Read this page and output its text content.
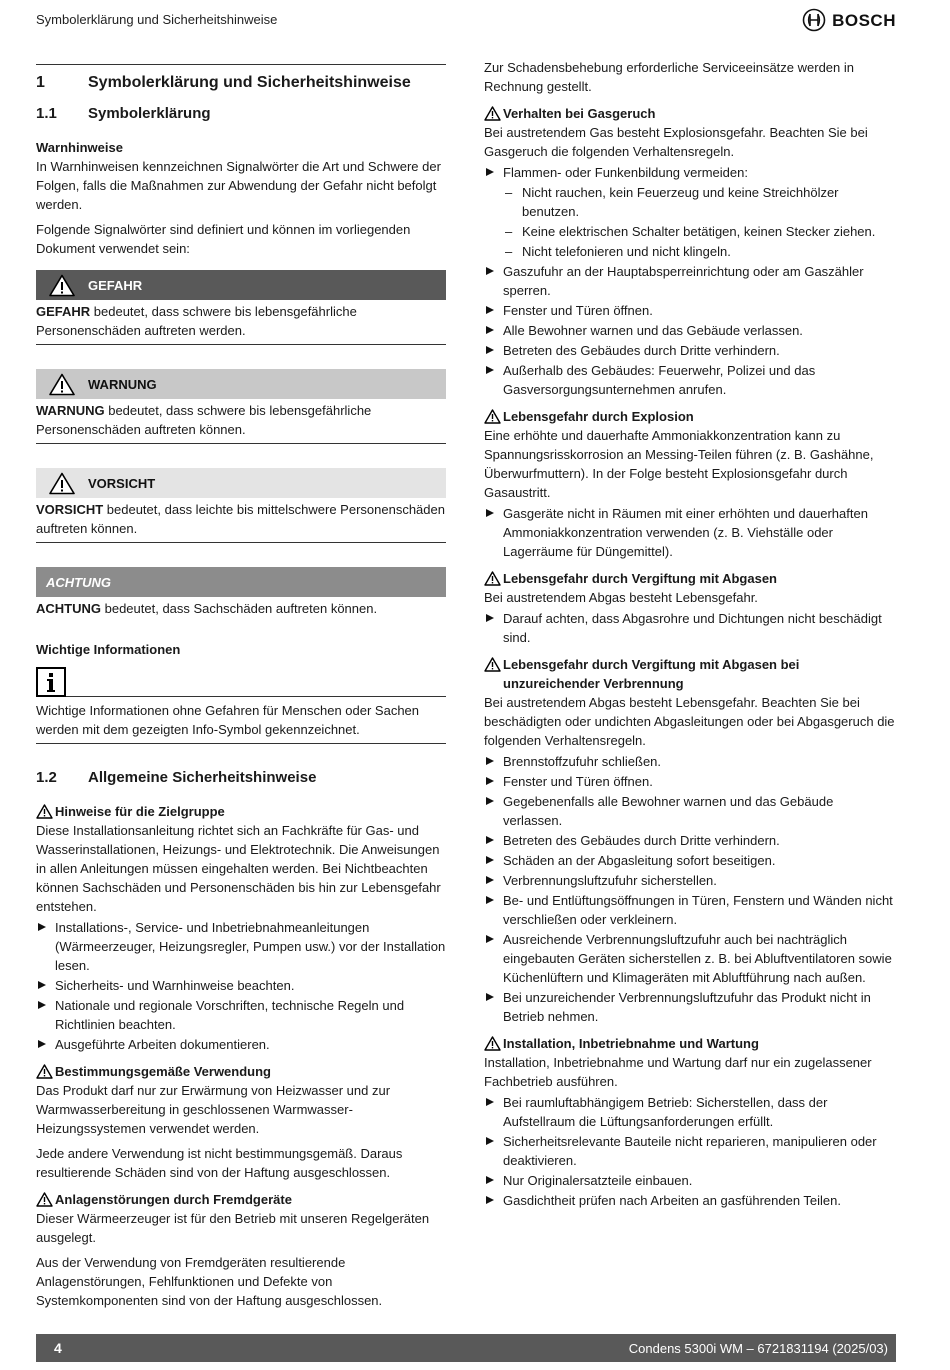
Symbolerklärung und Sicherheitshinweise	BOSCH
1	Symbolerklärung und Sicherheitshinweise
1.1	Symbolerklärung
Warnhinweise

In Warnhinweisen kennzeichnen Signalwörter die Art und Schwere der Folgen, falls die Maßnahmen zur Abwendung der Gefahr nicht befolgt werden.

Folgende Signalwörter sind definiert und können im vorliegenden Dokument verwendet sein:

GEFAHR
GEFAHR bedeutet, dass schwere bis lebensgefährliche Personenschäden auftreten werden.
WARNUNG
WARNUNG bedeutet, dass schwere bis lebensgefährliche Personenschäden auftreten können.
VORSICHT
VORSICHT bedeutet, dass leichte bis mittelschwere Personenschäden auftreten können.
ACHTUNG
ACHTUNG bedeutet, dass Sachschäden auftreten können.
Wichtige Informationen
Wichtige Informationen ohne Gefahren für Menschen oder Sachen werden mit dem gezeigten Info-Symbol gekennzeichnet.
1.2	Allgemeine Sicherheitshinweise
Hinweise für die Zielgruppe

Diese Installationsanleitung richtet sich an Fachkräfte für Gas- und Wasserinstallationen, Heizungs- und Elektrotechnik. Die Anweisungen in allen Anleitungen müssen eingehalten werden. Bei Nichtbeachten können Sachschäden und Personenschäden bis hin zur Lebensgefahr entstehen.

Installations-, Service- und Inbetriebnahmeanleitungen (Wärmeerzeuger, Heizungsregler, Pumpen usw.) vor der Installation lesen.
Sicherheits- und Warnhinweise beachten.
Nationale und regionale Vorschriften, technische Regeln und Richtlinien beachten.
Ausgeführte Arbeiten dokumentieren.
Bestimmungsgemäße Verwendung

Das Produkt darf nur zur Erwärmung von Heizwasser und zur Warmwasserbereitung in geschlossenen Warmwasser-Heizungssystemen verwendet werden.

Jede andere Verwendung ist nicht bestimmungsgemäß. Daraus resultierende Schäden sind von der Haftung ausgeschlossen.

Anlagenstörungen durch Fremdgeräte

Dieser Wärmeerzeuger ist für den Betrieb mit unseren Regelgeräten ausgelegt.

Aus der Verwendung von Fremdgeräten resultierende Anlagenstörungen, Fehlfunktionen und Defekte von Systemkomponenten sind von der Haftung ausgeschlossen.

Zur Schadensbehebung erforderliche Serviceeinsätze werden in Rechnung gestellt.

Verhalten bei Gasgeruch

Bei austretendem Gas besteht Explosionsgefahr. Beachten Sie bei Gasgeruch die folgenden Verhaltensregeln.

Flammen- oder Funkenbildung vermeiden:
– Nicht rauchen, kein Feuerzeug und keine Streichhölzer benutzen.
– Keine elektrischen Schalter betätigen, keinen Stecker ziehen.
– Nicht telefonieren und nicht klingeln.
Gaszufuhr an der Hauptabsperreinrichtung oder am Gaszähler sperren.
Fenster und Türen öffnen.
Alle Bewohner warnen und das Gebäude verlassen.
Betreten des Gebäudes durch Dritte verhindern.
Außerhalb des Gebäudes: Feuerwehr, Polizei und das Gasversorgungsunternehmen anrufen.
Lebensgefahr durch Explosion

Eine erhöhte und dauerhafte Ammoniakkonzentration kann zu Spannungsrisskorrosion an Messing-Teilen führen (z. B. Gashähne, Überwurfmuttern). In der Folge besteht Explosionsgefahr durch Gasaustritt.

Gasgeräte nicht in Räumen mit einer erhöhten und dauerhaften Ammoniakkonzentration verwenden (z. B. Viehställe oder Lagerräume für Düngemittel).
Lebensgefahr durch Vergiftung mit Abgasen

Bei austretendem Abgas besteht Lebensgefahr.

Darauf achten, dass Abgasrohre und Dichtungen nicht beschädigt sind.
Lebensgefahr durch Vergiftung mit Abgasen bei unzureichender Verbrennung

Bei austretendem Abgas besteht Lebensgefahr. Beachten Sie bei beschädigten oder undichten Abgasleitungen oder bei Abgasgeruch die folgenden Verhaltensregeln.

Brennstoffzufuhr schließen.
Fenster und Türen öffnen.
Gegebenenfalls alle Bewohner warnen und das Gebäude verlassen.
Betreten des Gebäudes durch Dritte verhindern.
Schäden an der Abgasleitung sofort beseitigen.
Verbrennungsluftzufuhr sicherstellen.
Be- und Entlüftungsöffnungen in Türen, Fenstern und Wänden nicht verschließen oder verkleinern.
Ausreichende Verbrennungsluftzufuhr auch bei nachträglich eingebauten Geräten sicherstellen z. B. bei Abluftventilatoren sowie Küchenlüftern und Klimageräten mit Abluftführung nach außen.
Bei unzureichender Verbrennungsluftzufuhr das Produkt nicht in Betrieb nehmen.
Installation, Inbetriebnahme und Wartung

Installation, Inbetriebnahme und Wartung darf nur ein zugelassener Fachbetrieb ausführen.

Bei raumluftabhängigem Betrieb: Sicherstellen, dass der Aufstellraum die Lüftungsanforderungen erfüllt.
Sicherheitsrelevante Bauteile nicht reparieren, manipulieren oder deaktivieren.
Nur Originalersatzteile einbauen.
Gasdichtheit prüfen nach Arbeiten an gasführenden Teilen.
4	Condens 5300i WM – 6721831194 (2025/03)
